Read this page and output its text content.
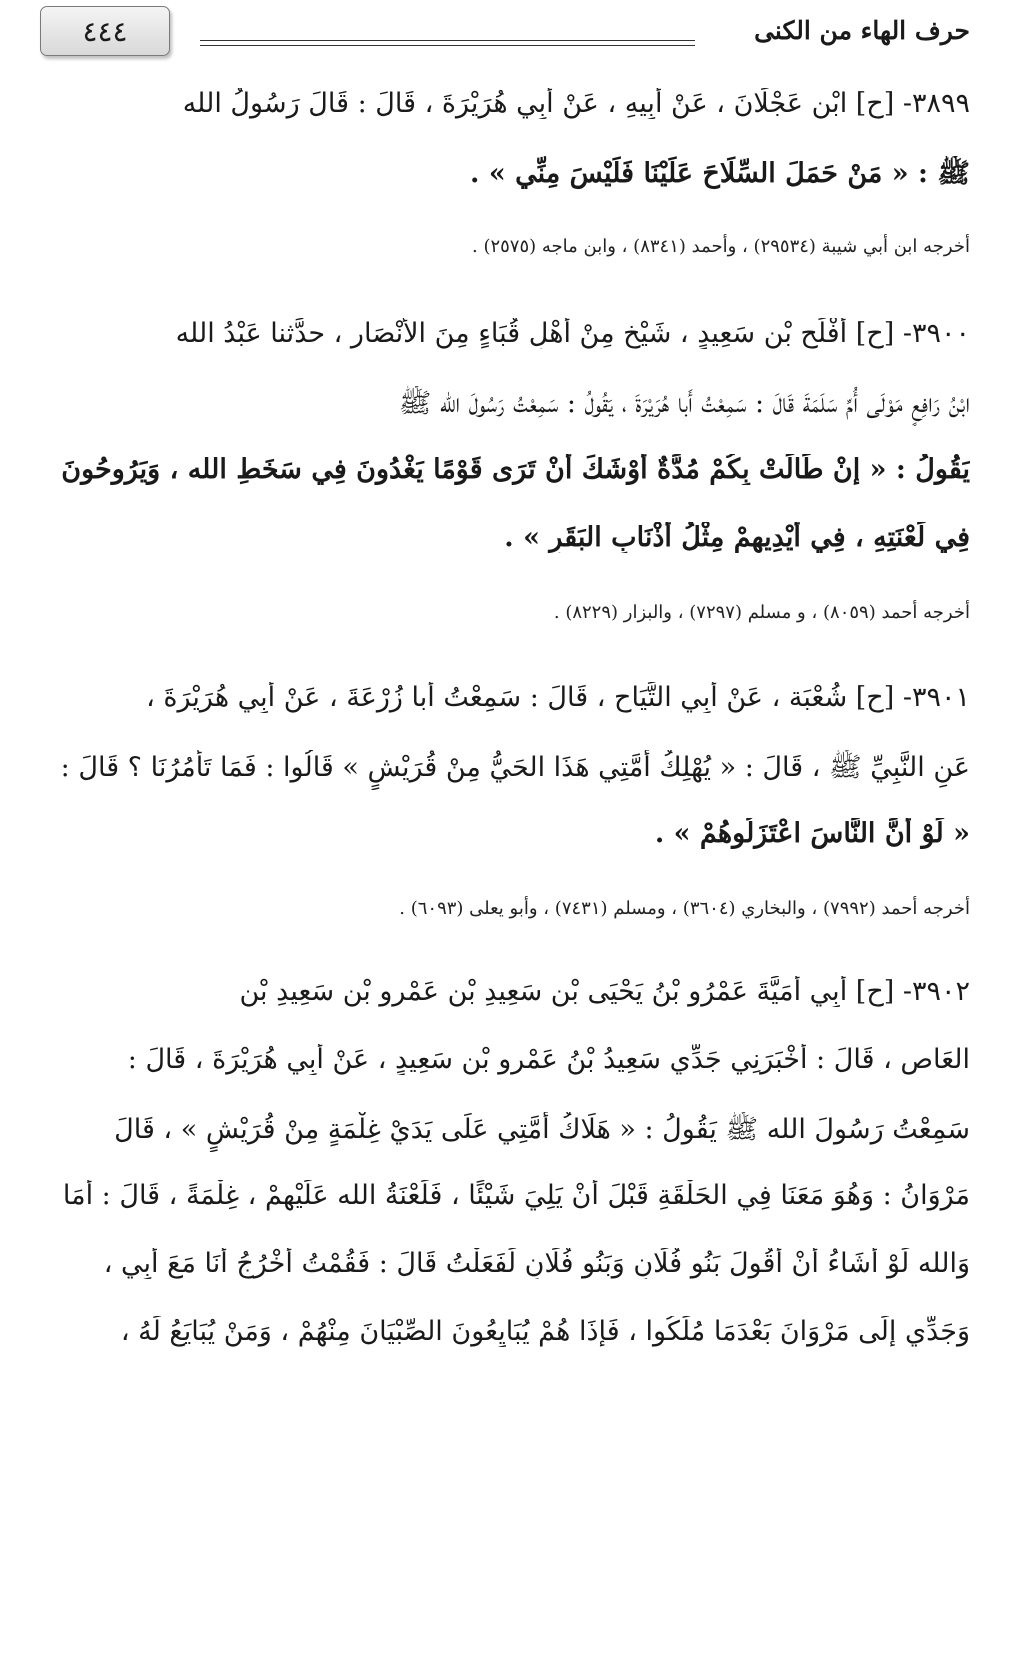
حرف الهاء من الكنى
٤٤٤
٣٨٩٩- [ح] ابْن عَجْلَانَ ، عَنْ أَبِيهِ ، عَنْ أَبِي هُرَيْرَةَ ، قَالَ : قَالَ رَسُولُ الله
ﷺ : « مَنْ حَمَلَ السِّلَاحَ عَلَيْنَا فَلَيْسَ مِنِّي » .
أخرجه ابن أبي شيبة (٢٩٥٣٤) ، وأحمد (٨٣٤١) ، وابن ماجه (٢٥٧٥) .
٣٩٠٠- [ح] أَفْلَح بْن سَعِيدٍ ، شَيْخ مِنْ أَهْلِ قُبَاءٍ مِنَ الأَنْصَارِ ، حدَّثنا عَبْدُ الله
ابْنُ رَافِعٍ مَوْلَى أُمِّ سَلَمَةَ قَالَ : سَمِعْتُ أَبا هُرَيْرَةَ ، يَقُولُ : سَمِعْتُ رَسُولَ الله ﷺ
يَقُولُ : « إِنْ طَالَتْ بِكُمْ مُدَّةٌ أَوْشَكَ أَنْ تَرَى قَوْمًا يَغْدُونَ فِي سَخَطِ الله ، وَيَرُوحُونَ
فِي لَعْنَتِهِ ، فِي أَيْدِيهِمْ مِثْلُ أَذْنَابِ البَقَرِ » .
أخرجه أحمد (٨٠٥٩) ، و مسلم (٧٢٩٧) ، والبزار (٨٢٢٩) .
٣٩٠١- [ح] شُعْبَة ، عَنْ أَبِي التَّيَاحِ ، قَالَ : سَمِعْتُ أَبا زُرْعَةَ ، عَنْ أَبِي هُرَيْرَةَ ،
عَنِ النَّبِيِّ ﷺ ، قَالَ : « يُهْلِكُ أُمَّتِي هَذَا الحَيُّ مِنْ قُرَيْشٍ » قَالُوا : فَمَا تَأْمُرُنَا ؟ قَالَ :
« لَوْ أَنَّ النَّاسَ اعْتَزَلُوهُمْ » .
أخرجه أحمد (٧٩٩٢) ، والبخاري (٣٦٠٤) ، ومسلم (٧٤٣١) ، وأبو يعلى (٦٠٩٣) .
٣٩٠٢- [ح] أَبِي أُمَيَّةَ عَمْرُو بْنُ يَحْيَى بْنِ سَعِيدِ بْنِ عَمْرِو بْنِ سَعِيدِ بْنِ
العَاصِ ، قَالَ : أَخْبَرَنِي جَدِّي سَعِيدُ بْنُ عَمْرِو بْنِ سَعِيدٍ ، عَنْ أَبِي هُرَيْرَةَ ، قَالَ :
سَمِعْتُ رَسُولَ الله ﷺ يَقُولُ : « هَلَاكُ أُمَّتِي عَلَى يَدَيْ غِلْمَةٍ مِنْ قُرَيْشٍ » ، قَالَ
مَرْوَانُ : وَهُوَ مَعَنَا فِي الحَلْقَةِ قَبْلَ أَنْ يَلِيَ شَيْئًا ، فَلَعْنَةُ الله عَلَيْهِمْ ، غِلْمَةً ، قَالَ : أَمَا
وَالله لَوْ أَشَاءُ أَنْ أَقُولَ بَنُو فُلَانٍ وَبَنُو فُلَانٍ لَفَعَلْتُ قَالَ : فَقُمْتُ أَخْرُجُ أَنَا مَعَ أَبِي ،
وَجَدِّي إِلَى مَرْوَانَ بَعْدَمَا مُلِّكُوا ، فَإِذَا هُمْ يُبَايِعُونَ الصِّبْيَانَ مِنْهُمْ ، وَمَنْ يُبَايَعُ لَهُ ،
